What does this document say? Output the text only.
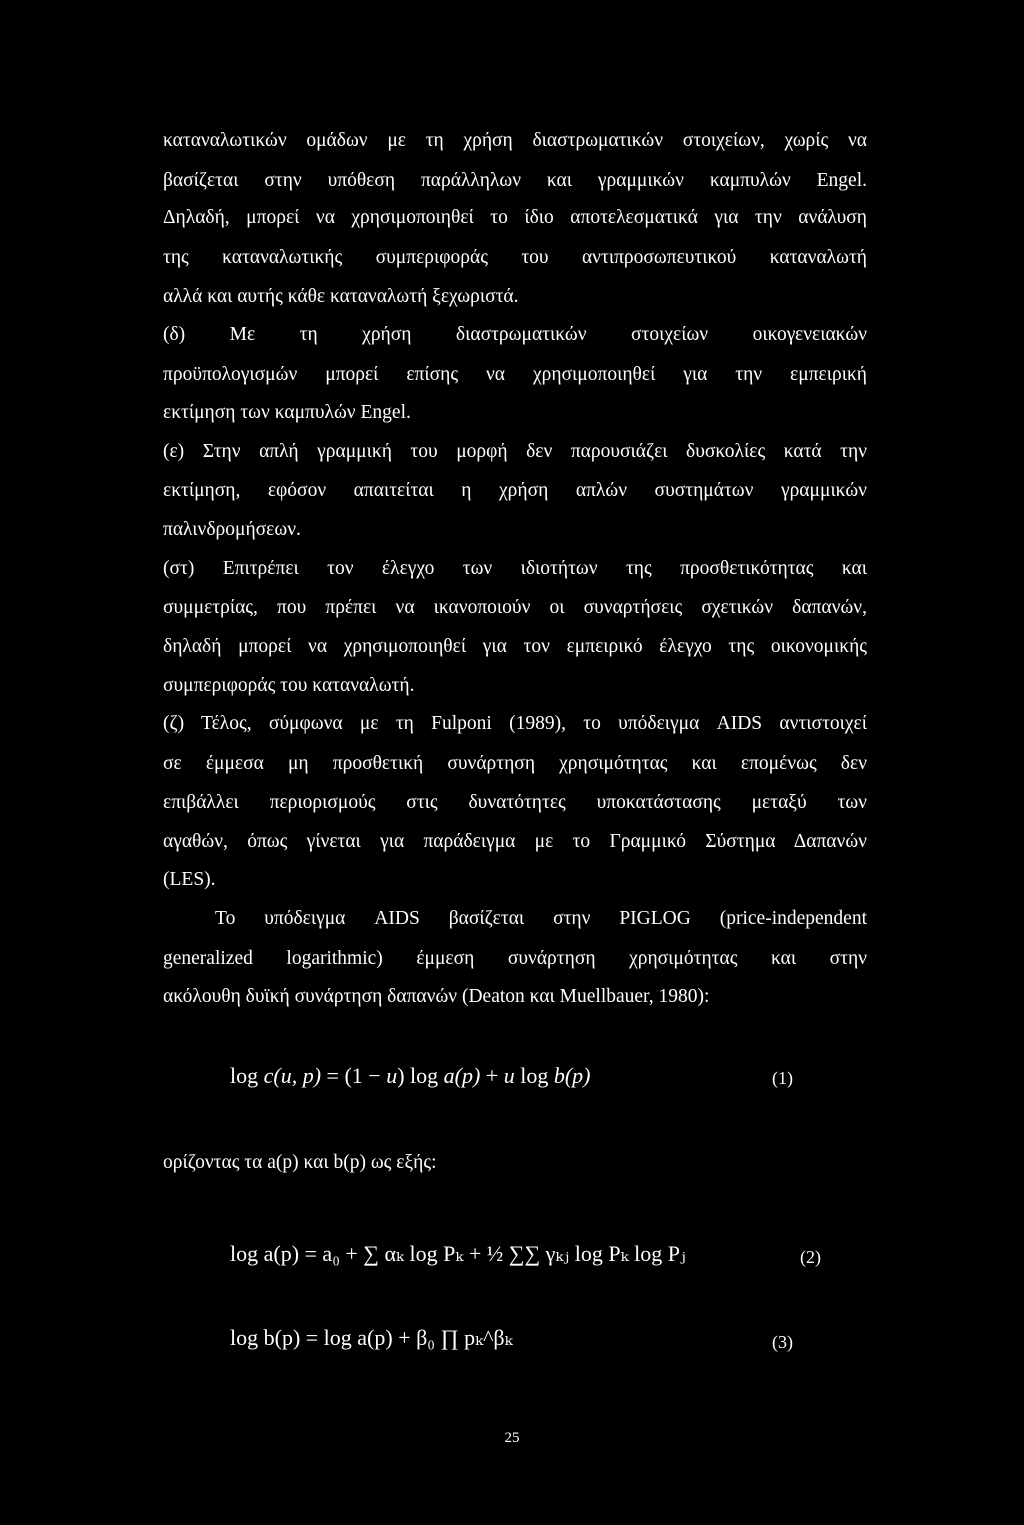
καταναλωτικών ομάδων με τη χρήση διαστρωματικών στοιχείων, χωρίς να
βασίζεται στην υπόθεση παράλληλων και γραμμικών καμπυλών Engel.
Δηλαδή, μπορεί να χρησιμοποιηθεί το ίδιο αποτελεσματικά για την ανάλυση
της καταναλωτικής συμπεριφοράς του αντιπροσωπευτικού καταναλωτή
αλλά και αυτής κάθε καταναλωτή ξεχωριστά.
(δ) Με τη χρήση διαστρωματικών στοιχείων οικογενειακών
προϋπολογισμών μπορεί επίσης να χρησιμοποιηθεί για την εμπειρική
εκτίμηση των καμπυλών Engel.
(ε) Στην απλή γραμμική του μορφή δεν παρουσιάζει δυσκολίες κατά την
εκτίμηση, εφόσον απαιτείται η χρήση απλών συστημάτων γραμμικών
παλινδρομήσεων.
(στ) Επιτρέπει τον έλεγχο των ιδιοτήτων της προσθετικότητας και
συμμετρίας, που πρέπει να ικανοποιούν οι συναρτήσεις σχετικών δαπανών,
δηλαδή μπορεί να χρησιμοποιηθεί για τον εμπειρικό έλεγχο της οικονομικής
συμπεριφοράς του καταναλωτή.
(ζ) Τέλος, σύμφωνα με τη Fulponi (1989), το υπόδειγμα AIDS αντιστοιχεί
σε έμμεσα μη προσθετική συνάρτηση χρησιμότητας και επομένως δεν
επιβάλλει περιορισμούς στις δυνατότητες υποκατάστασης μεταξύ των
αγαθών, όπως γίνεται για παράδειγμα με το Γραμμικό Σύστημα Δαπανών
(LES).
Το υπόδειγμα AIDS βασίζεται στην PIGLOG (price-independent
generalized logarithmic) έμμεση συνάρτηση χρησιμότητας και στην
ακόλουθη δυϊκή συνάρτηση δαπανών (Deaton και Muellbauer, 1980):
log c(u, p) = (1 − u) log a(p) + u log b(p)	(1)
ορίζοντας τα a(p) και b(p) ως εξής:
log a(p) = a₀ + ∑ αₖ log Pₖ + ½ ∑∑ γₖⱼ log Pₖ log Pⱼ	(2)
log b(p) = log a(p) + β₀ ∏ pₖ^βₖ	(3)
25
